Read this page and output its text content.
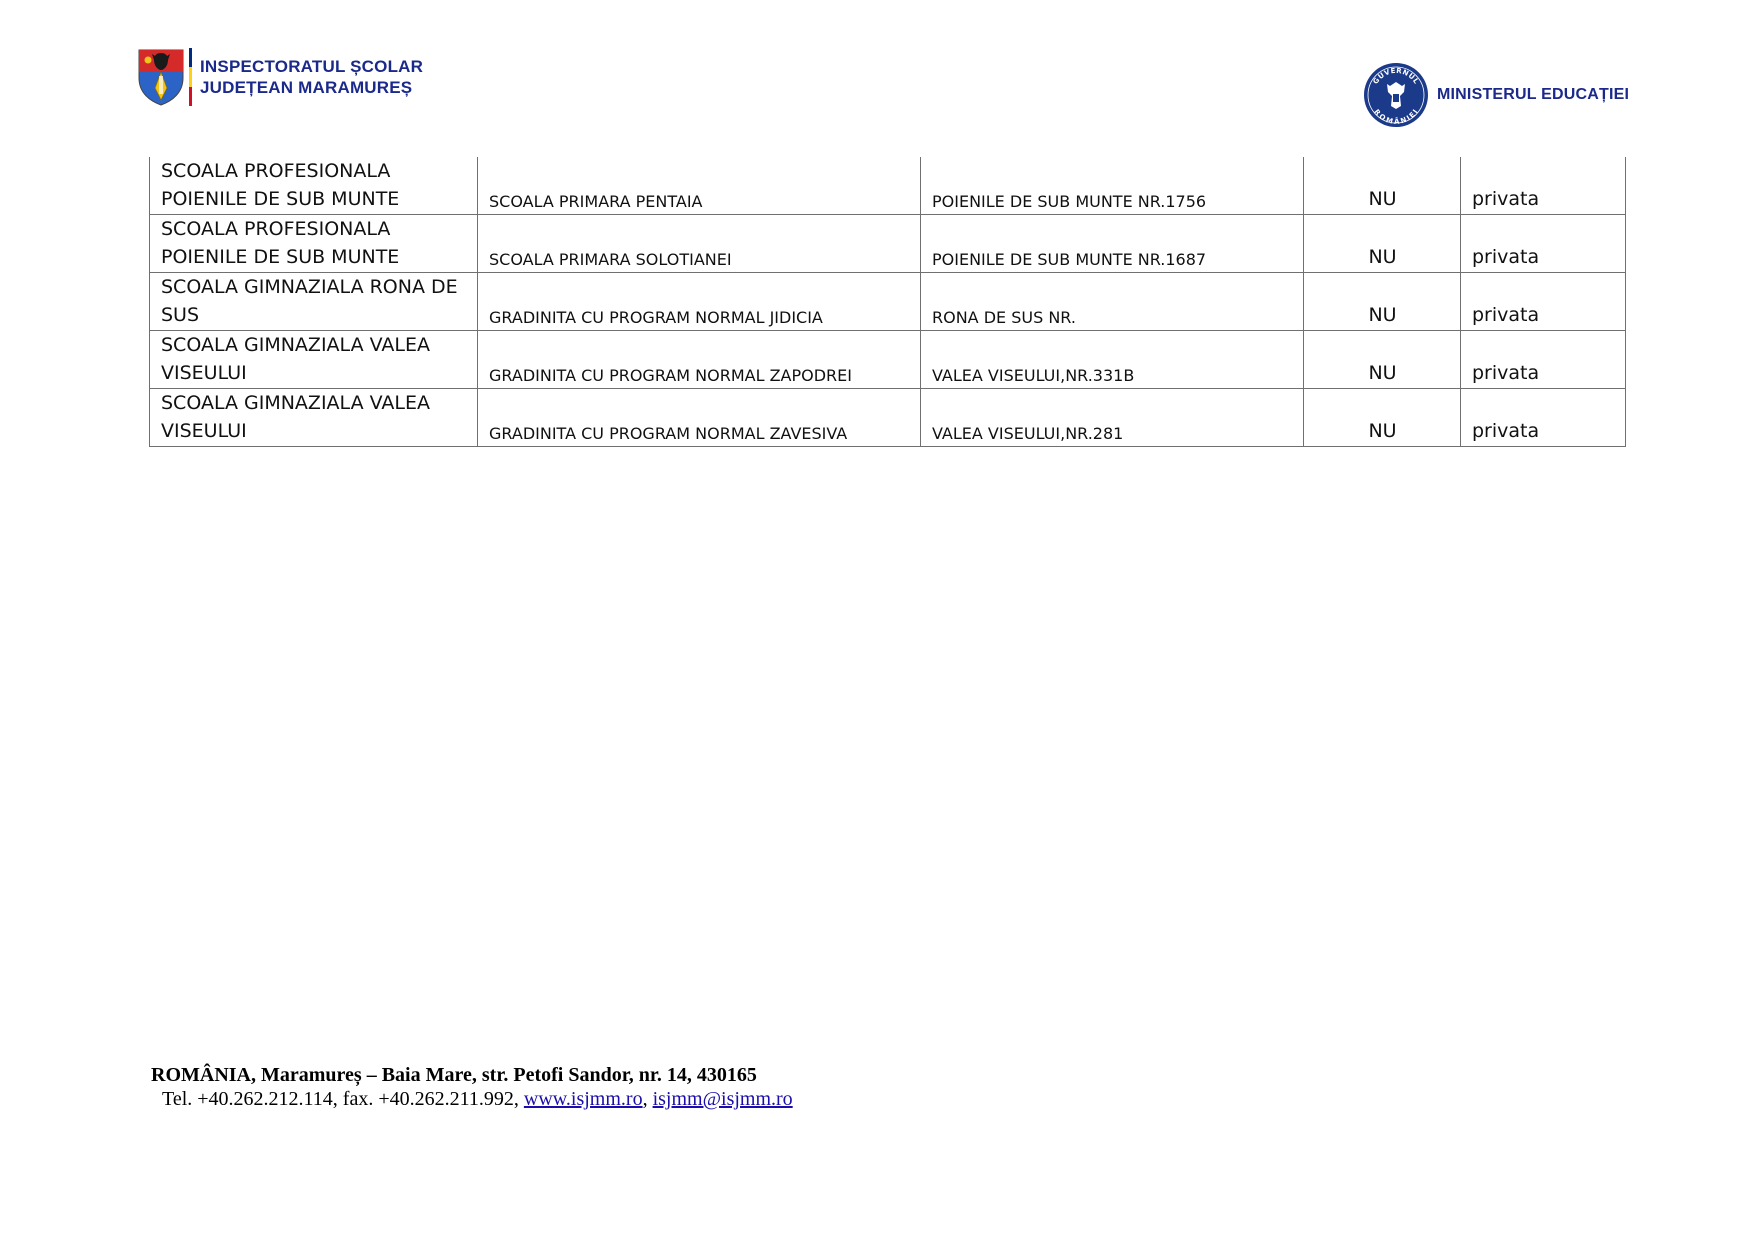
INSPECTORATUL ȘCOLAR
JUDEȚEAN MARAMUREȘ	GUVERNUL
ROMÂNIEI
MINISTERUL EDUCAȚIEI
SCOALA PROFESIONALA POIENILE DE SUB MUNTE	SCOALA PRIMARA PENTAIA	POIENILE DE SUB MUNTE NR.1756	NU	privata
SCOALA PROFESIONALA POIENILE DE SUB MUNTE	SCOALA PRIMARA SOLOTIANEI	POIENILE DE SUB MUNTE NR.1687	NU	privata
SCOALA GIMNAZIALA RONA DE SUS	GRADINITA CU PROGRAM NORMAL JIDICIA	RONA DE SUS NR.	NU	privata
SCOALA GIMNAZIALA VALEA VISEULUI	GRADINITA CU PROGRAM NORMAL ZAPODREI	VALEA VISEULUI,NR.331B	NU	privata
SCOALA GIMNAZIALA VALEA VISEULUI	GRADINITA CU PROGRAM NORMAL ZAVESIVA	VALEA VISEULUI,NR.281	NU	privata
ROMÂNIA, Maramureș – Baia Mare, str. Petofi Sandor, nr. 14, 430165
Tel. +40.262.212.114, fax. +40.262.211.992, www.isjmm.ro, isjmm@isjmm.ro
